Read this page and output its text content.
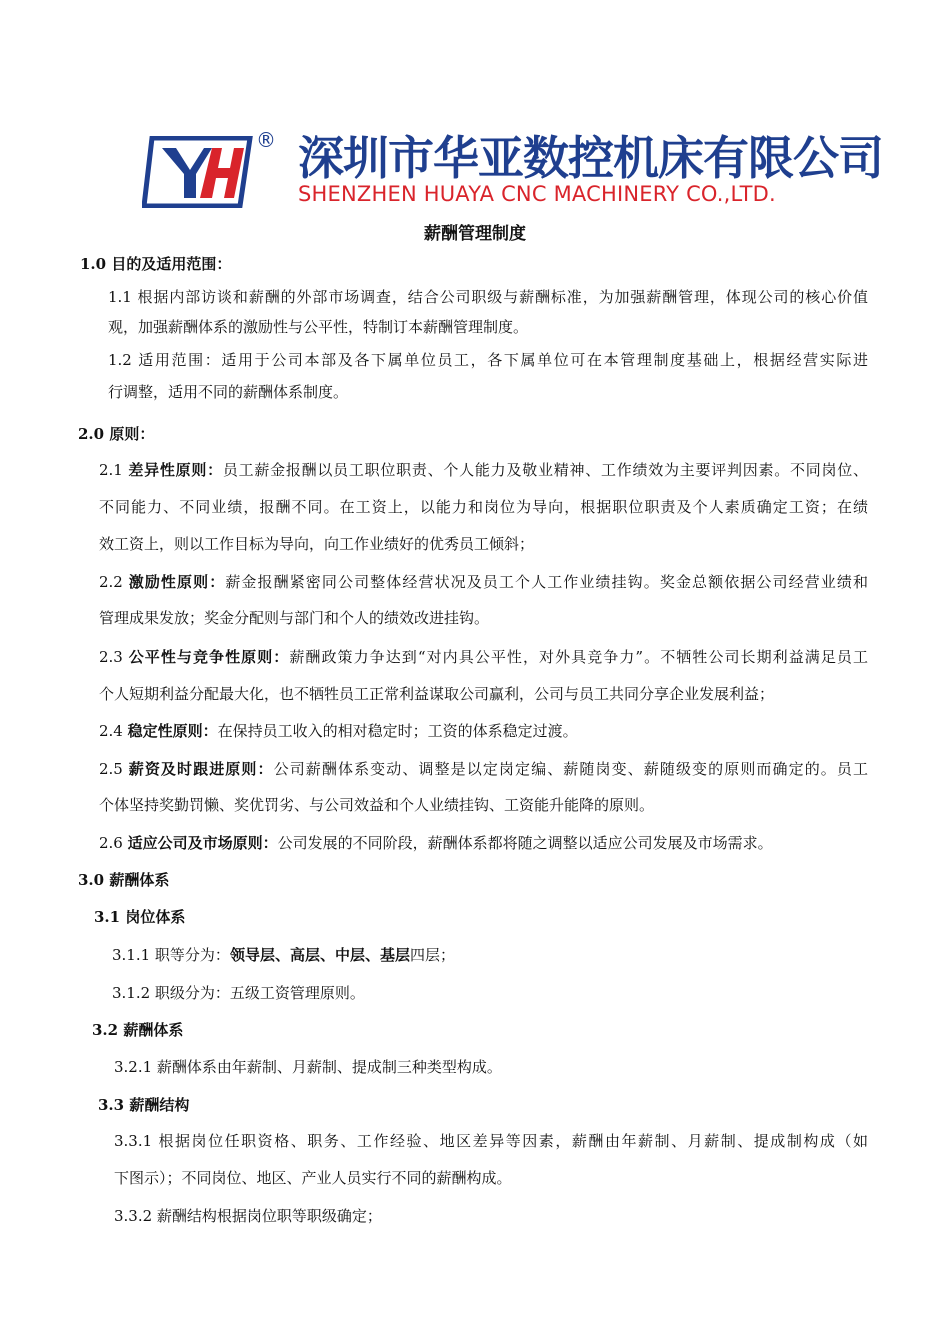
® 深圳市华亚数控机床有限公司
SHENZHEN HUAYA CNC MACHINERY CO.,LTD.
薪酬管理制度
1.0 目的及适用范围：
1.1 根据内部访谈和薪酬的外部市场调查，结合公司职级与薪酬标准，为加强薪酬管理，体现公司的核心价值
观，加强薪酬体系的激励性与公平性，特制订本薪酬管理制度。
1.2 适用范围：适用于公司本部及各下属单位员工，各下属单位可在本管理制度基础上，根据经营实际进
行调整，适用不同的薪酬体系制度。
2.0 原则：
2.1 差异性原则：员工薪金报酬以员工职位职责、个人能力及敬业精神、工作绩效为主要评判因素。不同岗位、
不同能力、不同业绩，报酬不同。在工资上，以能力和岗位为导向，根据职位职责及个人素质确定工资；在绩
效工资上，则以工作目标为导向，向工作业绩好的优秀员工倾斜；
2.2 激励性原则：薪金报酬紧密同公司整体经营状况及员工个人工作业绩挂钩。奖金总额依据公司经营业绩和
管理成果发放；奖金分配则与部门和个人的绩效改进挂钩。
2.3 公平性与竞争性原则：薪酬政策力争达到“对内具公平性，对外具竞争力”。不牺牲公司长期利益满足员工
个人短期利益分配最大化，也不牺牲员工正常利益谋取公司赢利，公司与员工共同分享企业发展利益；
2.4 稳定性原则：在保持员工收入的相对稳定时；工资的体系稳定过渡。
2.5 薪资及时跟进原则：公司薪酬体系变动、调整是以定岗定编、薪随岗变、薪随级变的原则而确定的。员工
个体坚持奖勤罚懒、奖优罚劣、与公司效益和个人业绩挂钩、工资能升能降的原则。
2.6 适应公司及市场原则：公司发展的不同阶段，薪酬体系都将随之调整以适应公司发展及市场需求。
3.0 薪酬体系
3.1 岗位体系
3.1.1 职等分为：领导层、高层、中层、基层四层；
3.1.2 职级分为：五级工资管理原则。
3.2 薪酬体系
3.2.1 薪酬体系由年薪制、月薪制、提成制三种类型构成。
3.3 薪酬结构
3.3.1 根据岗位任职资格、职务、工作经验、地区差异等因素，薪酬由年薪制、月薪制、提成制构成（如
下图示）；不同岗位、地区、产业人员实行不同的薪酬构成。
3.3.2 薪酬结构根据岗位职等职级确定；
